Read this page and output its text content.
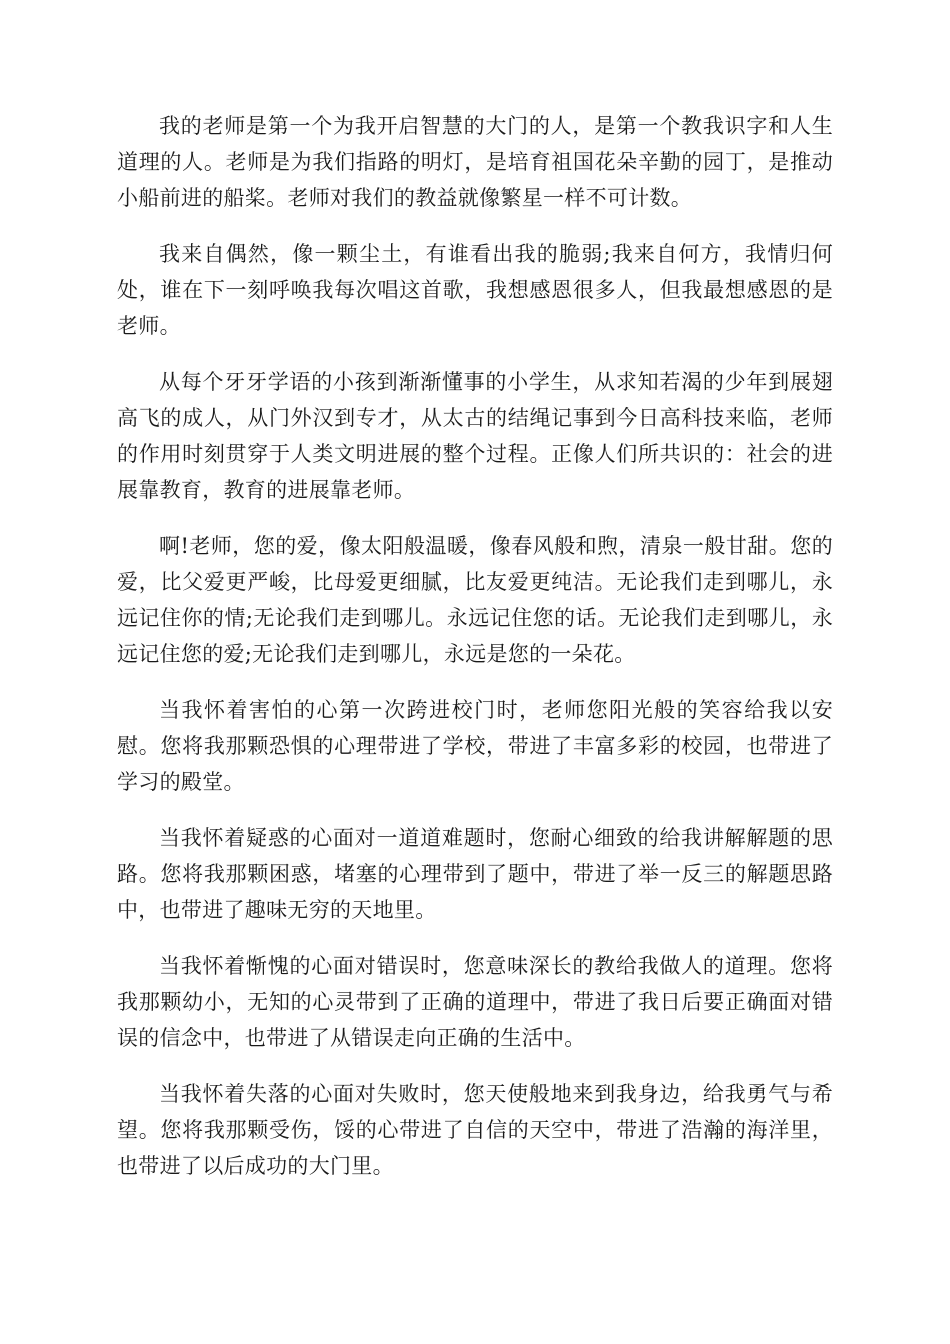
我的老师是第一个为我开启智慧的大门的人，是第一个教我识字和人生道理的人。老师是为我们指路的明灯，是培育祖国花朵辛勤的园丁，是推动小船前进的船桨。老师对我们的教益就像繁星一样不可计数。

我来自偶然，像一颗尘土，有谁看出我的脆弱;我来自何方，我情归何处，谁在下一刻呼唤我每次唱这首歌，我想感恩很多人，但我最想感恩的是老师。

从每个牙牙学语的小孩到渐渐懂事的小学生，从求知若渴的少年到展翅高飞的成人，从门外汉到专才，从太古的结绳记事到今日高科技来临，老师的作用时刻贯穿于人类文明进展的整个过程。正像人们所共识的：社会的进展靠教育，教育的进展靠老师。

啊!老师，您的爱，像太阳般温暖，像春风般和煦，清泉一般甘甜。您的爱，比父爱更严峻，比母爱更细腻，比友爱更纯洁。无论我们走到哪儿，永远记住你的情;无论我们走到哪儿。永远记住您的话。无论我们走到哪儿，永远记住您的爱;无论我们走到哪儿，永远是您的一朵花。

当我怀着害怕的心第一次跨进校门时，老师您阳光般的笑容给我以安慰。您将我那颗恐惧的心理带进了学校，带进了丰富多彩的校园，也带进了学习的殿堂。

当我怀着疑惑的心面对一道道难题时，您耐心细致的给我讲解解题的思路。您将我那颗困惑，堵塞的心理带到了题中，带进了举一反三的解题思路中，也带进了趣味无穷的天地里。

当我怀着惭愧的心面对错误时，您意味深长的教给我做人的道理。您将我那颗幼小，无知的心灵带到了正确的道理中，带进了我日后要正确面对错误的信念中，也带进了从错误走向正确的生活中。

当我怀着失落的心面对失败时，您天使般地来到我身边，给我勇气与希望。您将我那颗受伤，馁的心带进了自信的天空中，带进了浩瀚的海洋里，也带进了以后成功的大门里。
